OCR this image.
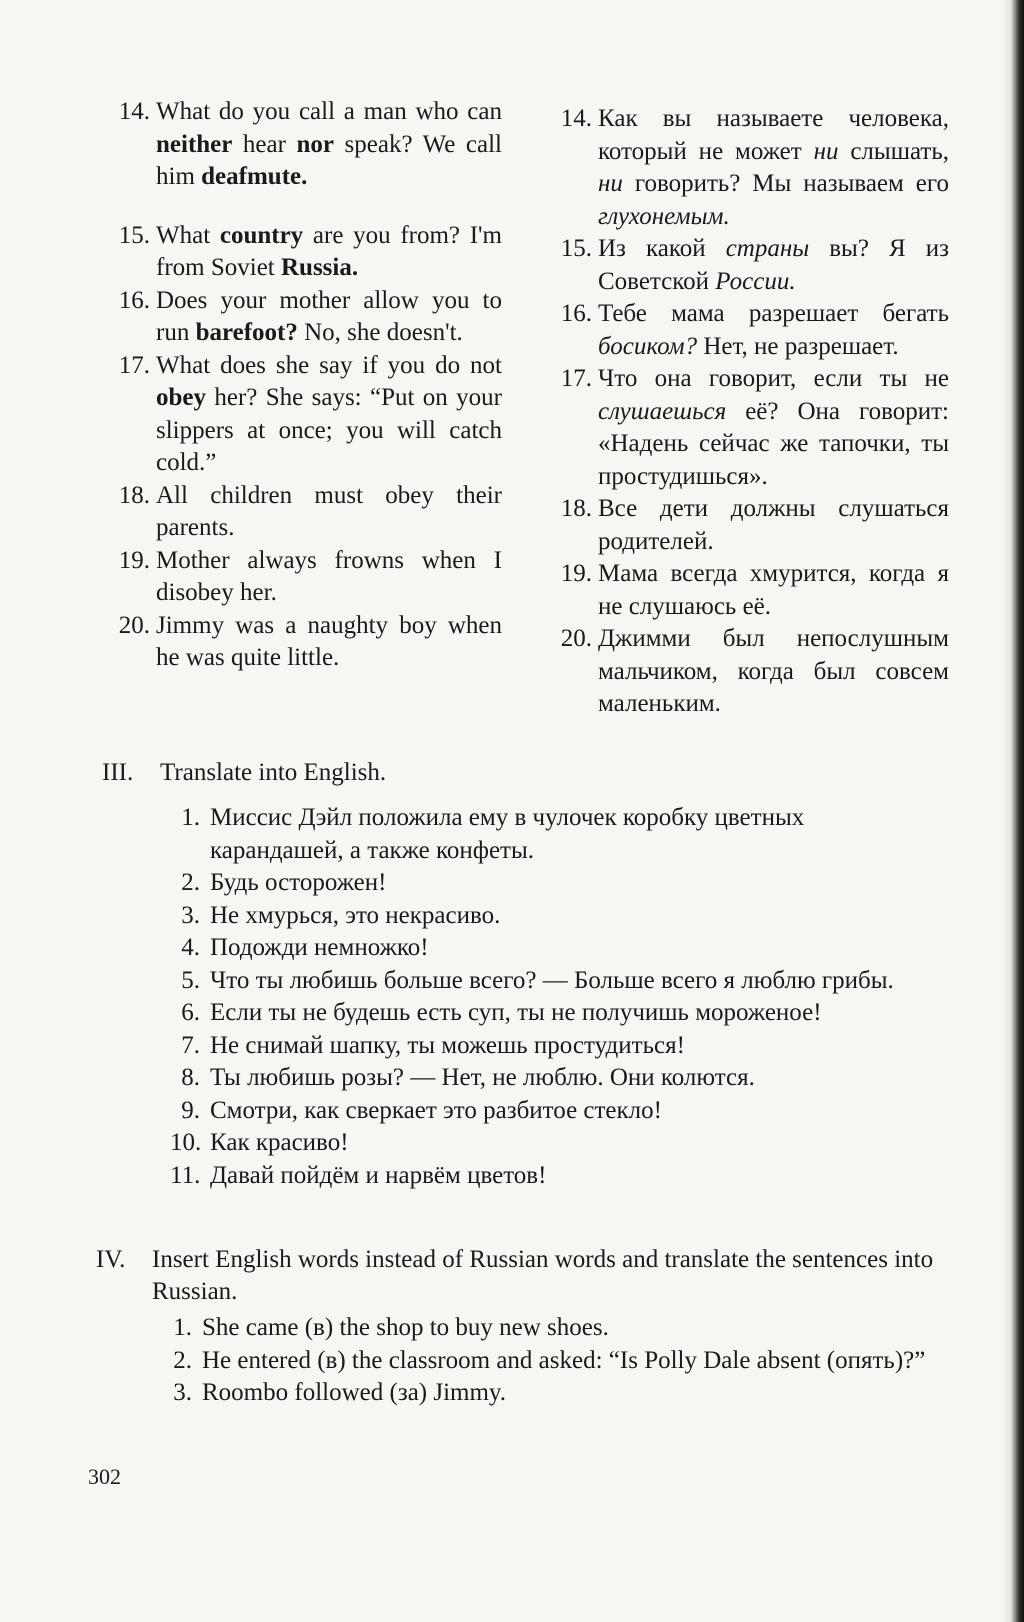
14. What do you call a man who can neither hear nor speak? We call him deafmute.

15. What country are you from? I'm from Soviet Russia.

16. Does your mother allow you to run barefoot? No, she doesn't.

17. What does she say if you do not obey her? She says: “Put on your slippers at once; you will catch cold.”

18. All children must obey their parents.

19. Mother always frowns when I disobey her.

20. Jimmy was a naughty boy when he was quite little.

14. Как вы называете человека, который не может ни слышать, ни говорить? Мы называем его глухонемым.

15. Из какой страны вы? Я из Советской России.

16. Тебе мама разрешает бегать босиком? Нет, не разрешает.

17. Что она говорит, если ты не слушаешься её? Она говорит: «Надень сейчас же тапочки, ты простудишься».

18. Все дети должны слушаться родителей.

19. Мама всегда хмурится, когда я не слушаюсь её.

20. Джимми был непослушным мальчиком, когда был совсем маленьким.

III.	Translate into English.

1. Миссис Дэйл положила ему в чулочек коробку цветных карандашей, а также конфеты.

2. Будь осторожен!

3. Не хмурься, это некрасиво.

4. Подожди немножко!

5. Что ты любишь больше всего? — Больше всего я люблю грибы.

6. Если ты не будешь есть суп, ты не получишь мороженое!

7. Не снимай шапку, ты можешь простудиться!

8. Ты любишь розы? — Нет, не люблю. Они колются.

9. Смотри, как сверкает это разбитое стекло!

10. Как красиво!

11. Давай пойдём и нарвём цветов!

IV.	Insert English words instead of Russian words and translate the sentences into Russian.

1. She came (в) the shop to buy new shoes.

2. He entered (в) the classroom and asked: “Is Polly Dale absent (опять)?”

3. Roombo followed (за) Jimmy.

302
